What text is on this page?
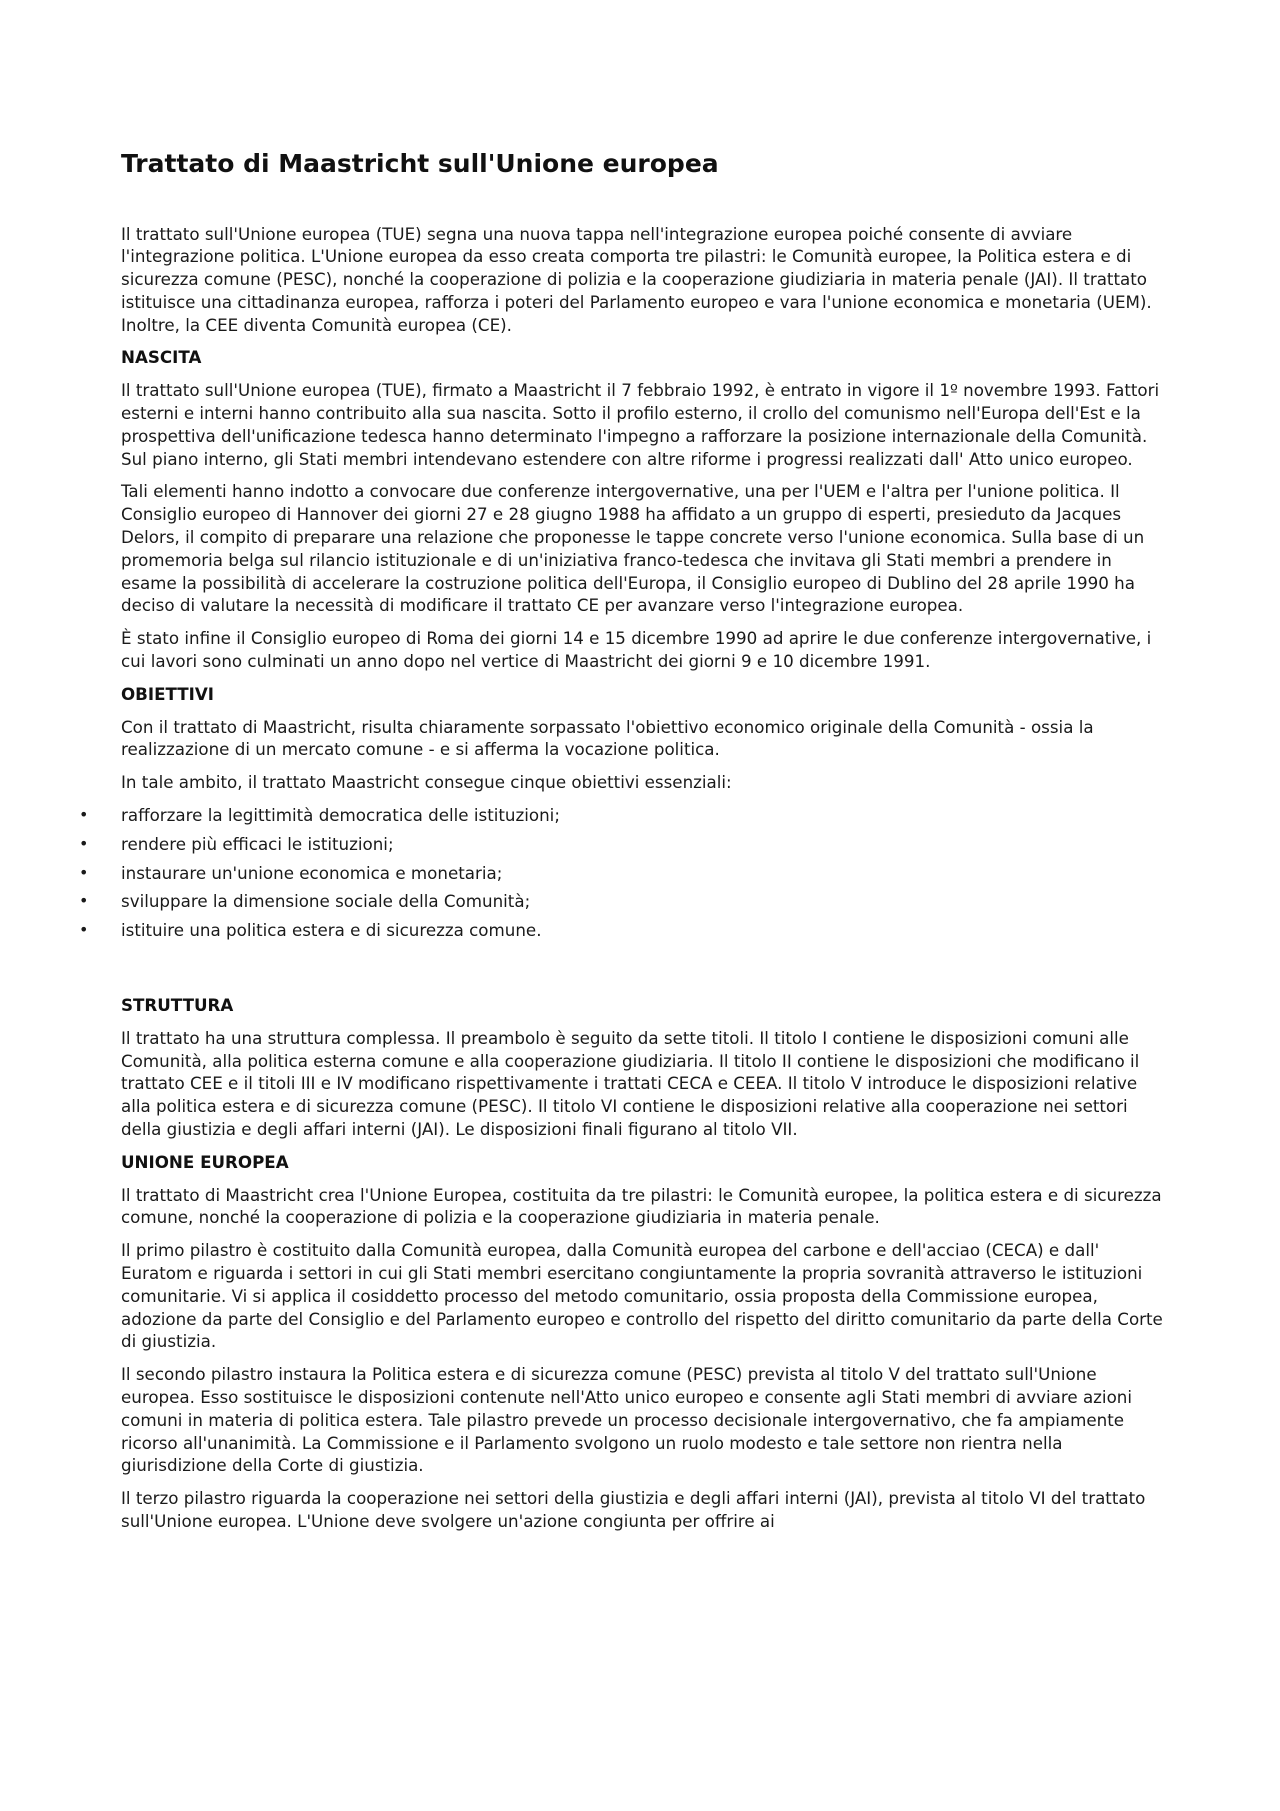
Trattato di Maastricht sull'Unione europea

Il trattato sull'Unione europea (TUE) segna una nuova tappa nell'integrazione europea poiché consente di avviare l'integrazione politica. L'Unione europea da esso creata comporta tre pilastri: le Comunità europee, la Politica estera e di sicurezza comune (PESC), nonché la cooperazione di polizia e la cooperazione giudiziaria in materia penale (JAI). Il trattato istituisce una cittadinanza europea, rafforza i poteri del Parlamento europeo e vara l'unione economica e monetaria (UEM). Inoltre, la CEE diventa Comunità europea (CE).

NASCITA

Il trattato sull'Unione europea (TUE), firmato a Maastricht il 7 febbraio 1992, è entrato in vigore il 1º novembre 1993. Fattori esterni e interni hanno contribuito alla sua nascita. Sotto il profilo esterno, il crollo del comunismo nell'Europa dell'Est e la prospettiva dell'unificazione tedesca hanno determinato l'impegno a rafforzare la posizione internazionale della Comunità. Sul piano interno, gli Stati membri intendevano estendere con altre riforme i progressi realizzati dall' Atto unico europeo.

Tali elementi hanno indotto a convocare due conferenze intergovernative, una per l'UEM e l'altra per l'unione politica. Il Consiglio europeo di Hannover dei giorni 27 e 28 giugno 1988 ha affidato a un gruppo di esperti, presieduto da Jacques Delors, il compito di preparare una relazione che proponesse le tappe concrete verso l'unione economica. Sulla base di un promemoria belga sul rilancio istituzionale e di un'iniziativa franco-tedesca che invitava gli Stati membri a prendere in esame la possibilità di accelerare la costruzione politica dell'Europa, il Consiglio europeo di Dublino del 28 aprile 1990 ha deciso di valutare la necessità di modificare il trattato CE per avanzare verso l'integrazione europea.

È stato infine il Consiglio europeo di Roma dei giorni 14 e 15 dicembre 1990 ad aprire le due conferenze intergovernative, i cui lavori sono culminati un anno dopo nel vertice di Maastricht dei giorni 9 e 10 dicembre 1991.

OBIETTIVI

Con il trattato di Maastricht, risulta chiaramente sorpassato l'obiettivo economico originale della Comunità - ossia la realizzazione di un mercato comune - e si afferma la vocazione politica.

In tale ambito, il trattato Maastricht consegue cinque obiettivi essenziali:

• rafforzare la legittimità democratica delle istituzioni;
• rendere più efficaci le istituzioni;
• instaurare un'unione economica e monetaria;
• sviluppare la dimensione sociale della Comunità;
• istituire una politica estera e di sicurezza comune.
STRUTTURA

Il trattato ha una struttura complessa. Il preambolo è seguito da sette titoli. Il titolo I contiene le disposizioni comuni alle Comunità, alla politica esterna comune e alla cooperazione giudiziaria. Il titolo II contiene le disposizioni che modificano il trattato CEE e il titoli III e IV modificano rispettivamente i trattati CECA e CEEA. Il titolo V introduce le disposizioni relative alla politica estera e di sicurezza comune (PESC). Il titolo VI contiene le disposizioni relative alla cooperazione nei settori della giustizia e degli affari interni (JAI). Le disposizioni finali figurano al titolo VII.

UNIONE EUROPEA

Il trattato di Maastricht crea l'Unione Europea, costituita da tre pilastri: le Comunità europee, la politica estera e di sicurezza comune, nonché la cooperazione di polizia e la cooperazione giudiziaria in materia penale.

Il primo pilastro è costituito dalla Comunità europea, dalla Comunità europea del carbone e dell'acciao (CECA) e dall' Euratom e riguarda i settori in cui gli Stati membri esercitano congiuntamente la propria sovranità attraverso le istituzioni comunitarie. Vi si applica il cosiddetto processo del metodo comunitario, ossia proposta della Commissione europea, adozione da parte del Consiglio e del Parlamento europeo e controllo del rispetto del diritto comunitario da parte della Corte di giustizia.

Il secondo pilastro instaura la Politica estera e di sicurezza comune (PESC) prevista al titolo V del trattato sull'Unione europea. Esso sostituisce le disposizioni contenute nell'Atto unico europeo e consente agli Stati membri di avviare azioni comuni in materia di politica estera. Tale pilastro prevede un processo decisionale intergovernativo, che fa ampiamente ricorso all'unanimità. La Commissione e il Parlamento svolgono un ruolo modesto e tale settore non rientra nella giurisdizione della Corte di giustizia.

Il terzo pilastro riguarda la cooperazione nei settori della giustizia e degli affari interni (JAI), prevista al titolo VI del trattato sull'Unione europea. L'Unione deve svolgere un'azione congiunta per offrire ai
